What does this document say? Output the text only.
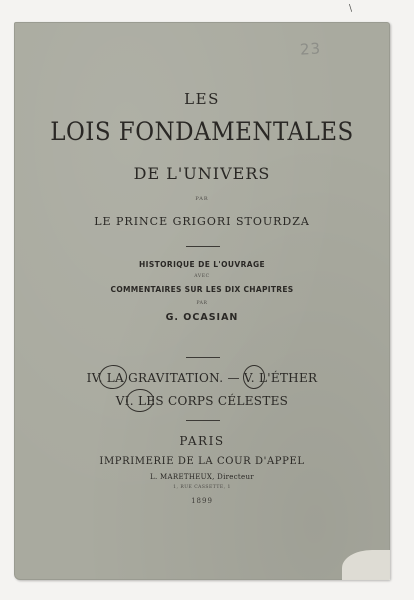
\
23
LES
LOIS FONDAMENTALES
DE L'UNIVERS
PAR
LE PRINCE GRIGORI STOURDZA
HISTORIQUE DE L'OUVRAGE
AVEC
COMMENTAIRES SUR LES DIX CHAPITRES
PAR
G. OCASIAN
IV. LA GRAVITATION. — V. L'ÉTHER
VI. LES CORPS CÉLESTES
PARIS
IMPRIMERIE DE LA COUR D'APPEL
L. MARETHEUX, Directeur
1, RUE CASSETTE, 1
1899
